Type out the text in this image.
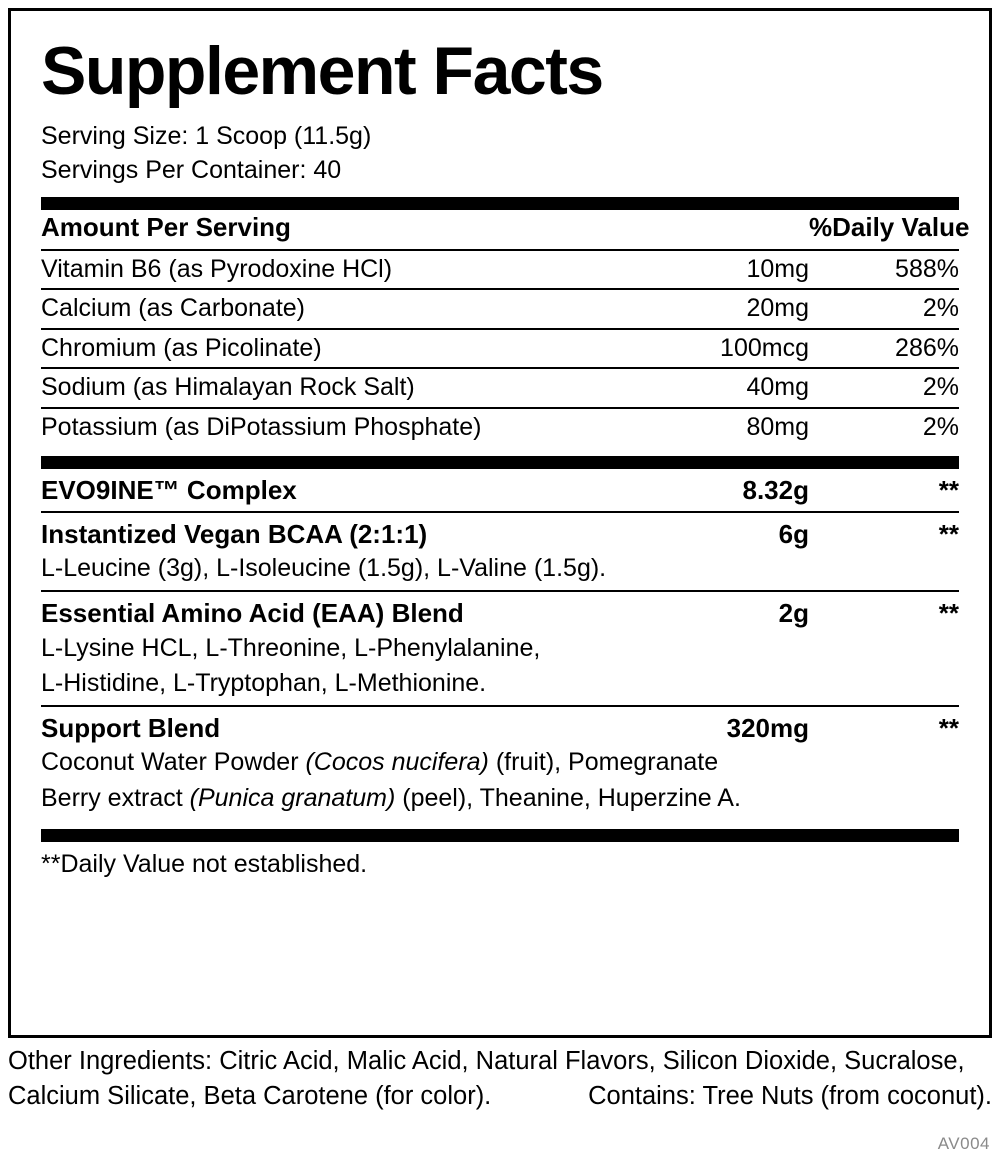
Supplement Facts
Serving Size: 1 Scoop (11.5g)
Servings Per Container: 40
Amount Per Serving		%Daily Value
Vitamin B6 (as Pyrodoxine HCl)	10mg	588%
Calcium (as Carbonate)	20mg	2%
Chromium (as Picolinate)	100mcg	286%
Sodium (as Himalayan Rock Salt)	40mg	2%
Potassium (as DiPotassium Phosphate)	80mg	2%
EVO9INE™ Complex	8.32g	**
Instantized Vegan BCAA (2:1:1)	6g	**
L-Leucine (3g), L-Isoleucine (1.5g), L-Valine (1.5g).		
Essential Amino Acid (EAA) Blend	2g	**
L-Lysine HCL, L-Threonine, L-Phenylalanine,		
L-Histidine, L-Tryptophan, L-Methionine.		
Support Blend	320mg	**
Coconut Water Powder (Cocos nucifera) (fruit), Pomegranate		
Berry extract (Punica granatum) (peel), Theanine, Huperzine A.		
**Daily Value not established.
Other Ingredients: Citric Acid, Malic Acid, Natural Flavors, Silicon Dioxide, Sucralose,
Calcium Silicate, Beta Carotene (for color).	Contains: Tree Nuts (from coconut).
AV004
